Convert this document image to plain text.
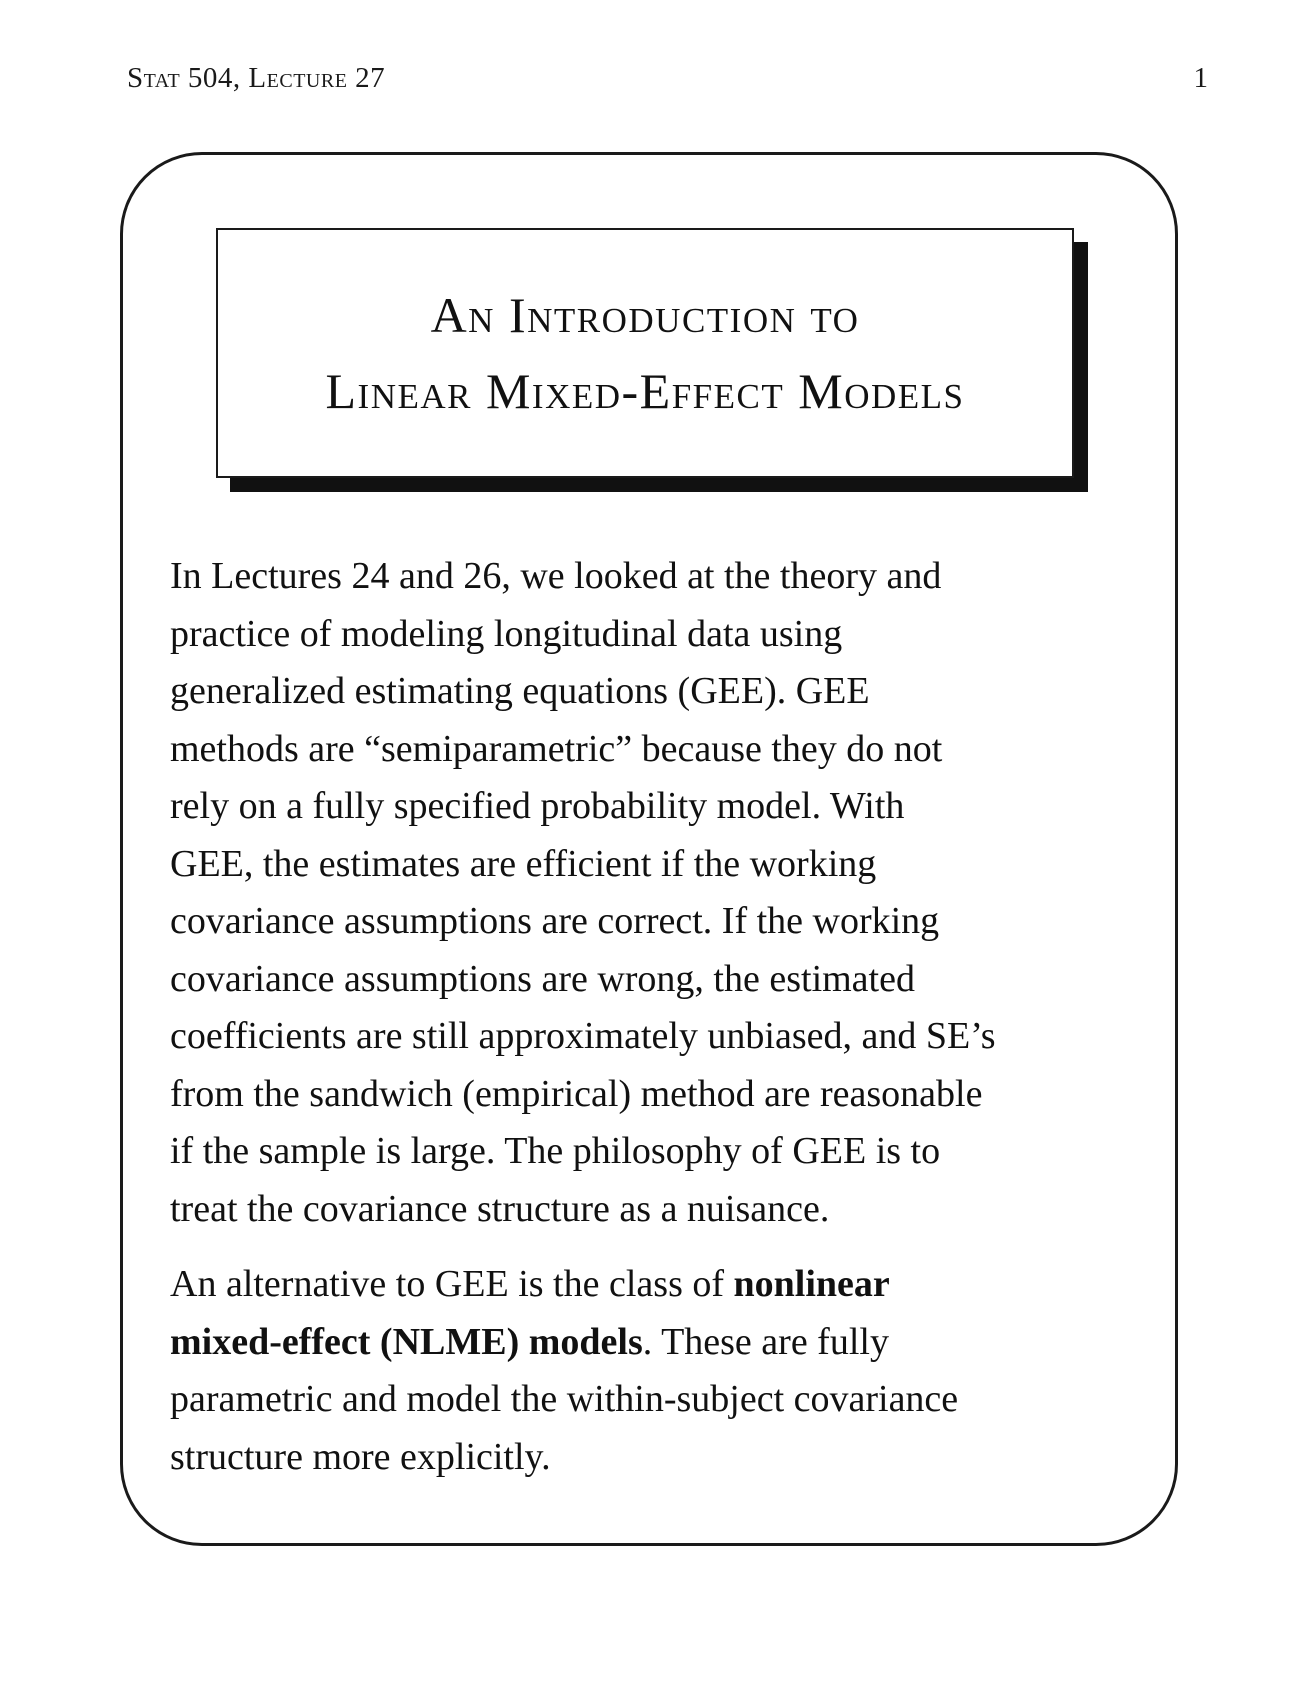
Stat 504, Lecture 27	1
An Introduction to
Linear Mixed-Effect Models

In Lectures 24 and 26, we looked at the theory and
practice of modeling longitudinal data using
generalized estimating equations (GEE). GEE
methods are “semiparametric” because they do not
rely on a fully specified probability model. With
GEE, the estimates are efficient if the working
covariance assumptions are correct. If the working
covariance assumptions are wrong, the estimated
coefficients are still approximately unbiased, and SE’s
from the sandwich (empirical) method are reasonable
if the sample is large. The philosophy of GEE is to
treat the covariance structure as a nuisance.

An alternative to GEE is the class of nonlinear
mixed-effect (NLME) models. These are fully
parametric and model the within-subject covariance
structure more explicitly.
